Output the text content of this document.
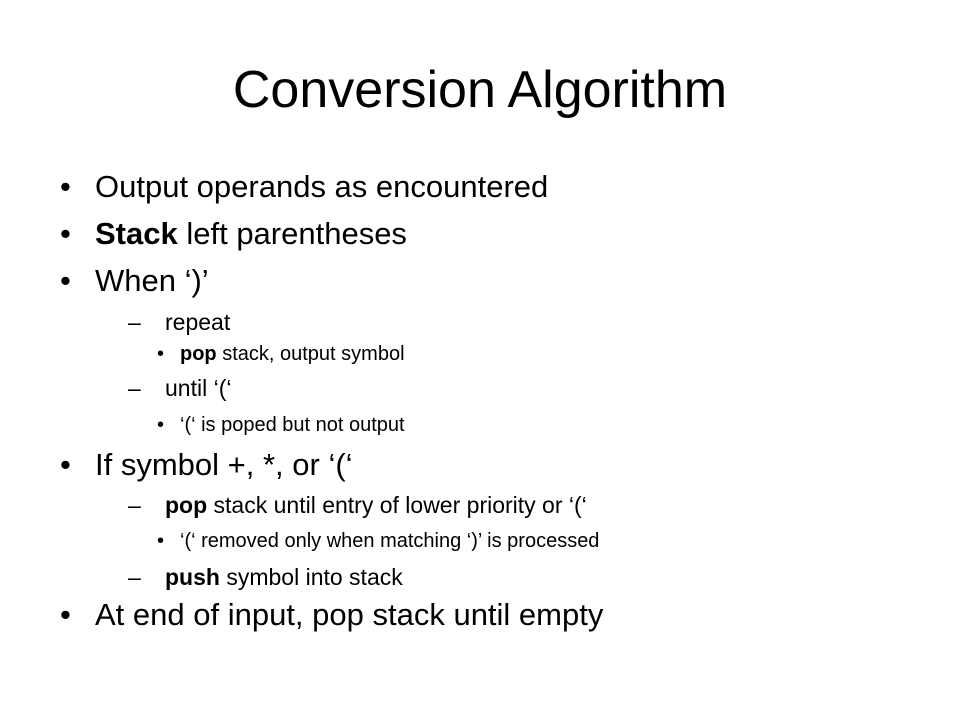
Conversion Algorithm
• Output operands as encountered
• Stack left parentheses
• When ‘)’
– repeat
• pop stack, output symbol
– until ‘(‘
• ‘(‘ is poped but not output
• If symbol +, *, or ‘(‘
– pop stack until entry of lower priority or ‘(‘
• ‘(‘ removed only when matching ‘)’ is processed
– push symbol into stack
• At end of input, pop stack until empty
